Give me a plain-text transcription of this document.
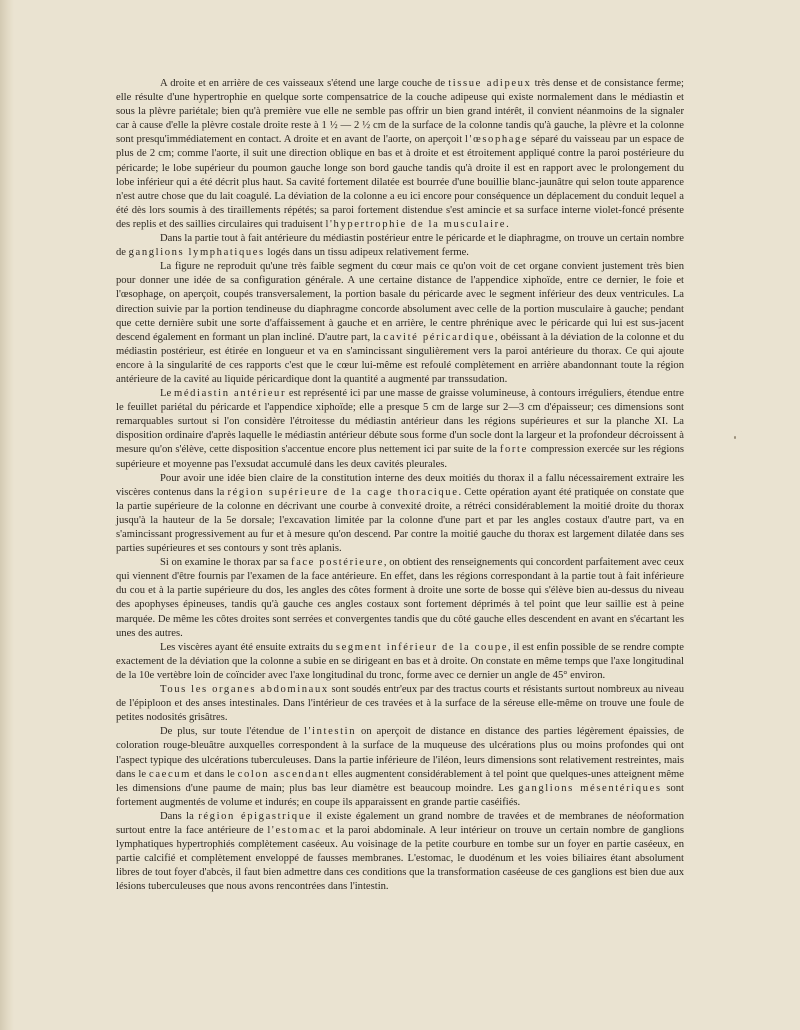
A droite et en arrière de ces vaisseaux s'étend une large couche de tissue adipeux très dense et de consistance ferme; elle résulte d'une hypertrophie en quelque sorte compensatrice de la couche adipeuse qui existe normalement dans le médiastin et sous la plèvre pariétale; bien qu'à première vue elle ne semble pas offrir un bien grand intérêt, il convient néanmoins de la signaler car à cause d'elle la plèvre costale droite reste à 1 ½ — 2 ½ cm de la surface de la colonne tandis qu'à gauche, la plèvre et la colonne sont presqu'immédiatement en contact. A droite et en avant de l'aorte, on aperçoit l'œsophage séparé du vaisseau par un espace de plus de 2 cm; comme l'aorte, il suit une direction oblique en bas et à droite et est étroitement appliqué contre la paroi postérieure du péricarde; le lobe supérieur du poumon gauche longe son bord gauche tandis qu'à droite il est en rapport avec le prolongement du lobe inférieur qui a été décrit plus haut. Sa cavité fortement dilatée est bourrée d'une bouillie blanc-jaunâtre qui selon toute apparence n'est autre chose que du lait coagulé. La déviation de la colonne a eu ici encore pour conséquence un déplacement du conduit lequel a été dès lors soumis à des tiraillements répétés; sa paroi fortement distendue s'est amincie et sa surface interne violet-foncé présente des replis et des saillies circulaires qui traduisent l'hypertrophie de la musculaire.

Dans la partie tout à fait antérieure du médiastin postérieur entre le péricarde et le diaphragme, on trouve un certain nombre de ganglions lymphatiques logés dans un tissu adipeux relativement ferme.

La figure ne reproduit qu'une très faible segment du cœur mais ce qu'on voit de cet organe convient justement très bien pour donner une idée de sa configuration générale. A une certaine distance de l'appendice xiphoïde, entre ce dernier, le foie et l'œsophage, on aperçoit, coupés transversalement, la portion basale du péricarde avec le segment inférieur des deux ventricules. La direction suivie par la portion tendineuse du diaphragme concorde absolument avec celle de la portion musculaire à gauche; pendant que cette dernière subit une sorte d'affaissement à gauche et en arrière, le centre phrénique avec le péricarde qui lui est sus-jacent descend également en formant un plan incliné. D'autre part, la cavité péricardique, obéissant à la déviation de la colonne et du médiastin postérieur, est étirée en longueur et va en s'amincissant singulièrement vers la paroi antérieure du thorax. Ce qui ajoute encore à la singularité de ces rapports c'est que le cœur lui-même est refoulé complètement en arrière abandonnant toute la région antérieure de la cavité au liquide péricardique dont la quantité a augmenté par transsudation.

Le médiastin antérieur est représenté ici par une masse de graisse volumineuse, à contours irréguliers, étendue entre le feuillet pariétal du péricarde et l'appendice xiphoïde; elle a presque 5 cm de large sur 2—3 cm d'épaisseur; ces dimensions sont remarquables surtout si l'on considère l'étroitesse du médiastin antérieur dans les régions supérieures et sur la planche XI. La disposition ordinaire d'après laquelle le médiastin antérieur débute sous forme d'un socle dont la largeur et la profondeur décroissent à mesure qu'on s'élève, cette disposition s'accentue encore plus nettement ici par suite de la forte compression exercée sur les régions supérieure et moyenne pas l'exsudat accumulé dans les deux cavités pleurales.

Pour avoir une idée bien claire de la constitution interne des deux moitiés du thorax il a fallu nécessairement extraire les viscères contenus dans la région supérieure de la cage thoracique. Cette opération ayant été pratiquée on constate que la partie supérieure de la colonne en décrivant une courbe à convexité droite, a rétréci considérablement la moitié droite du thorax jusqu'à la hauteur de la 5e dorsale; l'excavation limitée par la colonne d'une part et par les angles costaux d'autre part, va en s'amincissant progressivement au fur et à mesure qu'on descend. Par contre la moitié gauche du thorax est largement dilatée dans ses parties supérieures et ses contours y sont très aplanis.

Si on examine le thorax par sa face postérieure, on obtient des renseignements qui concordent parfaitement avec ceux qui viennent d'être fournis par l'examen de la face antérieure. En effet, dans les régions correspondant à la partie tout à fait inférieure du cou et à la partie supérieure du dos, les angles des côtes forment à droite une sorte de bosse qui s'élève bien au-dessus du niveau des apophyses épineuses, tandis qu'à gauche ces angles costaux sont fortement déprimés à tel point que leur saillie est à peine marquée. De même les côtes droites sont serrées et convergentes tandis que du côté gauche elles descendent en avant en s'écartant les unes des autres.

Les viscères ayant été ensuite extraits du segment inférieur de la coupe, il est enfin possible de se rendre compte exactement de la déviation que la colonne a subie en se dirigeant en bas et à droite. On constate en même temps que l'axe longitudinal de la 10e vertèbre loin de coïncider avec l'axe longitudinal du tronc, forme avec ce dernier un angle de 45° environ.

Tous les organes abdominaux sont soudés entr'eux par des tractus courts et résistants surtout nombreux au niveau de l'épiploon et des anses intestinales. Dans l'intérieur de ces travées et à la surface de la séreuse elle-même on trouve une foule de petites nodosités grisâtres.

De plus, sur toute l'étendue de l'intestin on aperçoit de distance en distance des parties légèrement épaissies, de coloration rouge-bleuâtre auxquelles correspondent à la surface de la muqueuse des ulcérations plus ou moins profondes qui ont l'aspect typique des ulcérations tuberculeuses. Dans la partie inférieure de l'iléon, leurs dimensions sont relativement restreintes, mais dans le caecum et dans le colon ascendant elles augmentent considérablement à tel point que quelques-unes atteignent même les dimensions d'une paume de main; plus bas leur diamètre est beaucoup moindre. Les ganglions mésentériques sont fortement augmentés de volume et indurés; en coupe ils apparaissent en grande partie caséifiés.

Dans la région épigastrique il existe également un grand nombre de travées et de membranes de néoformation surtout entre la face antérieure de l'estomac et la paroi abdominale. A leur intérieur on trouve un certain nombre de ganglions lymphatiques hypertrophiés complètement caséeux. Au voisinage de la petite courbure en tombe sur un foyer en partie caséeux, en partie calcifié et complètement enveloppé de fausses membranes. L'estomac, le duodénum et les voies biliaires étant absolument libres de tout foyer d'abcès, il faut bien admettre dans ces conditions que la transformation caséeuse de ces ganglions est bien due aux lésions tuberculeuses que nous avons rencontrées dans l'intestin.
